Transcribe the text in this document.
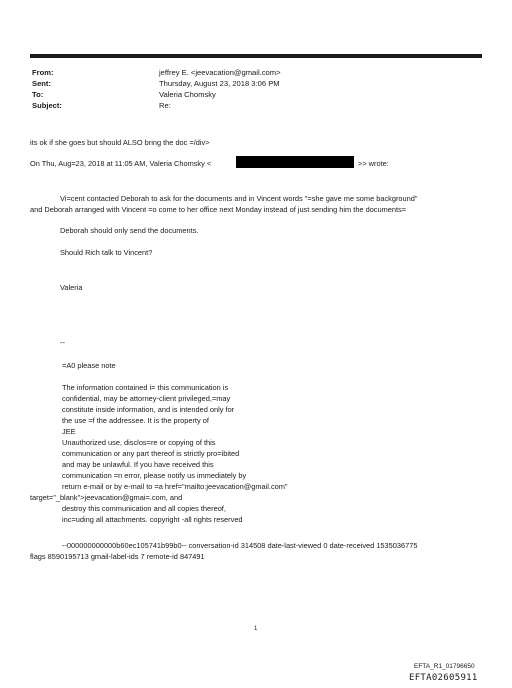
From:	jeffrey E. <jeevacation@gmail.com>
Sent:	Thursday, August 23, 2018 3:06 PM
To:	Valeria Chomsky
Subject:	Re:
its ok if she goes but should ALSO bring the doc =/div>
On Thu, Aug=23, 2018 at 11:05 AM, Valeria Chomsky <	>> wrote:
Vi=cent contacted Deborah to ask for the documents and in Vincent words "=she gave me some background"
and Deborah arranged with Vincent =o come to her office next Monday instead of just sending him the documents=
Deborah should only send the documents.
Should Rich talk to Vincent?
Valeria
--
=A0 please note
The information contained i= this communication is
confidential, may be attorney-client privileged,=may
constitute inside information, and is intended only for
the use =f the addressee. It is the property of
JEE
Unauthorized use, disclos=re or copying of this
communication or any part thereof is strictly pro=ibited
and may be unlawful. If you have received this
communication =n error, please notify us immediately by
return e-mail or by e-mail to =a href="mailto:jeevacation@gmail.com"
target="_blank">jeevacation@gmai=.com, and
destroy this communication and all copies thereof,
inc=uding all attachments. copyright -all rights reserved
--000000000000b60ec105741b99b0-- conversation-id 314508 date-last-viewed 0 date-received 1535036775
flags 8590195713 gmail-label-ids 7 remote-id 847491
1
EFTA_R1_01796650
EFTA02605911
